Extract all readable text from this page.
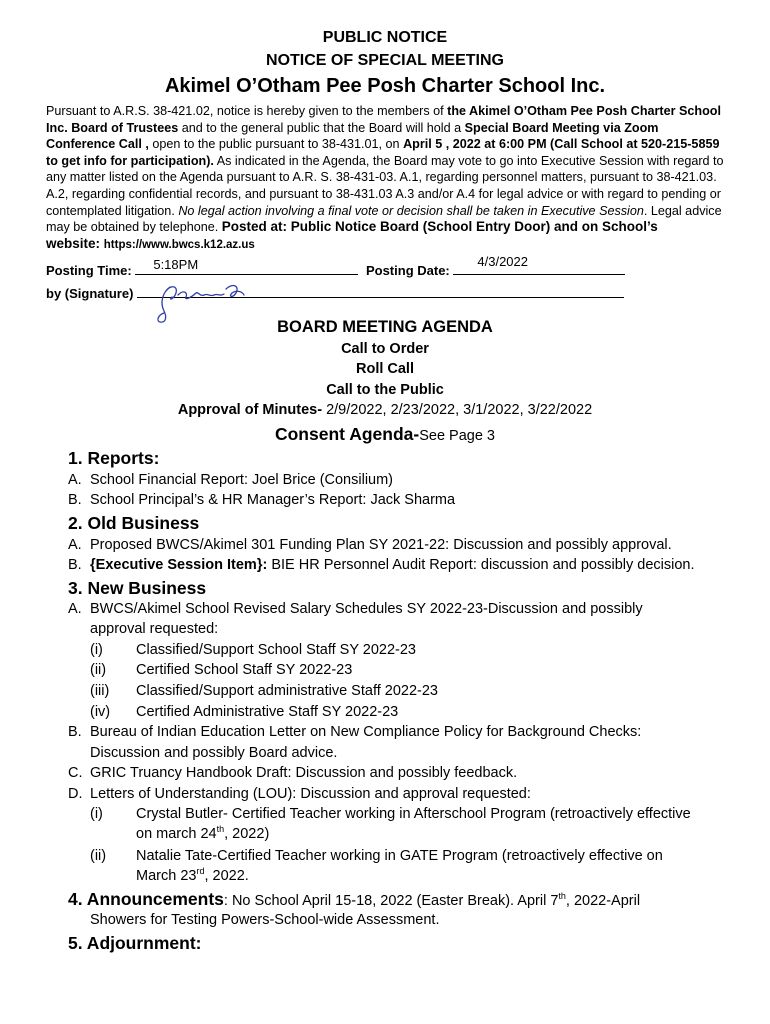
PUBLIC NOTICE
NOTICE OF SPECIAL MEETING
Akimel O’Otham Pee Posh Charter School Inc.
Pursuant to A.R.S. 38-421.02, notice is hereby given to the members of the Akimel O’Otham Pee Posh Charter School
Inc. Board of Trustees and to the general public that the Board will hold a Special Board Meeting via Zoom
Conference Call , open to the public pursuant to 38-431.01, on April 5 , 2022 at 6:00 PM (Call School at 520-215-5859
to get info for participation). As indicated in the Agenda, the Board may vote to go into Executive Session with regard to
any matter listed on the Agenda pursuant to A.R. S. 38-431-03. A.1, regarding personnel matters, pursuant to 38-421.03.
A.2, regarding confidential records, and pursuant to 38-431.03 A.3 and/or A.4 for legal advice or with regard to pending or
contemplated litigation. No legal action involving a final vote or decision shall be taken in Executive Session. Legal advice
may be obtained by telephone. Posted at: Public Notice Board (School Entry Door) and on School’s
website: https://www.bwcs.k12.az.us
Posting Time: 5:18PM	Posting Date:
4/3/2022
by (Signature)
BOARD MEETING AGENDA
Call to Order
Roll Call
Call to the Public
Approval of Minutes- 2/9/2022, 2/23/2022, 3/1/2022, 3/22/2022
Consent Agenda-See Page 3
1. Reports:
A. School Financial Report: Joel Brice (Consilium)
B. School Principal’s & HR Manager’s Report: Jack Sharma
2. Old Business
A. Proposed BWCS/Akimel 301 Funding Plan SY 2021-22: Discussion and possibly approval.
B. {Executive Session Item}: BIE HR Personnel Audit Report: discussion and possibly decision.
3. New Business
A. BWCS/Akimel School Revised Salary Schedules SY 2022-23-Discussion and possibly
approval requested:
(i) Classified/Support School Staff SY 2022-23
(ii) Certified School Staff SY 2022-23
(iii) Classified/Support administrative Staff 2022-23
(iv) Certified Administrative Staff SY 2022-23
B. Bureau of Indian Education Letter on New Compliance Policy for Background Checks:
Discussion and possibly Board advice.
C. GRIC Truancy Handbook Draft: Discussion and possibly feedback.
D. Letters of Understanding (LOU): Discussion and approval requested:
(i) Crystal Butler- Certified Teacher working in Afterschool Program (retroactively effective
on march 24th, 2022)
(ii) Natalie Tate-Certified Teacher working in GATE Program (retroactively effective on
March 23rd, 2022.
4. Announcements: No School April 15-18, 2022 (Easter Break). April 7th, 2022-April
Showers for Testing Powers-School-wide Assessment.
5. Adjournment:
